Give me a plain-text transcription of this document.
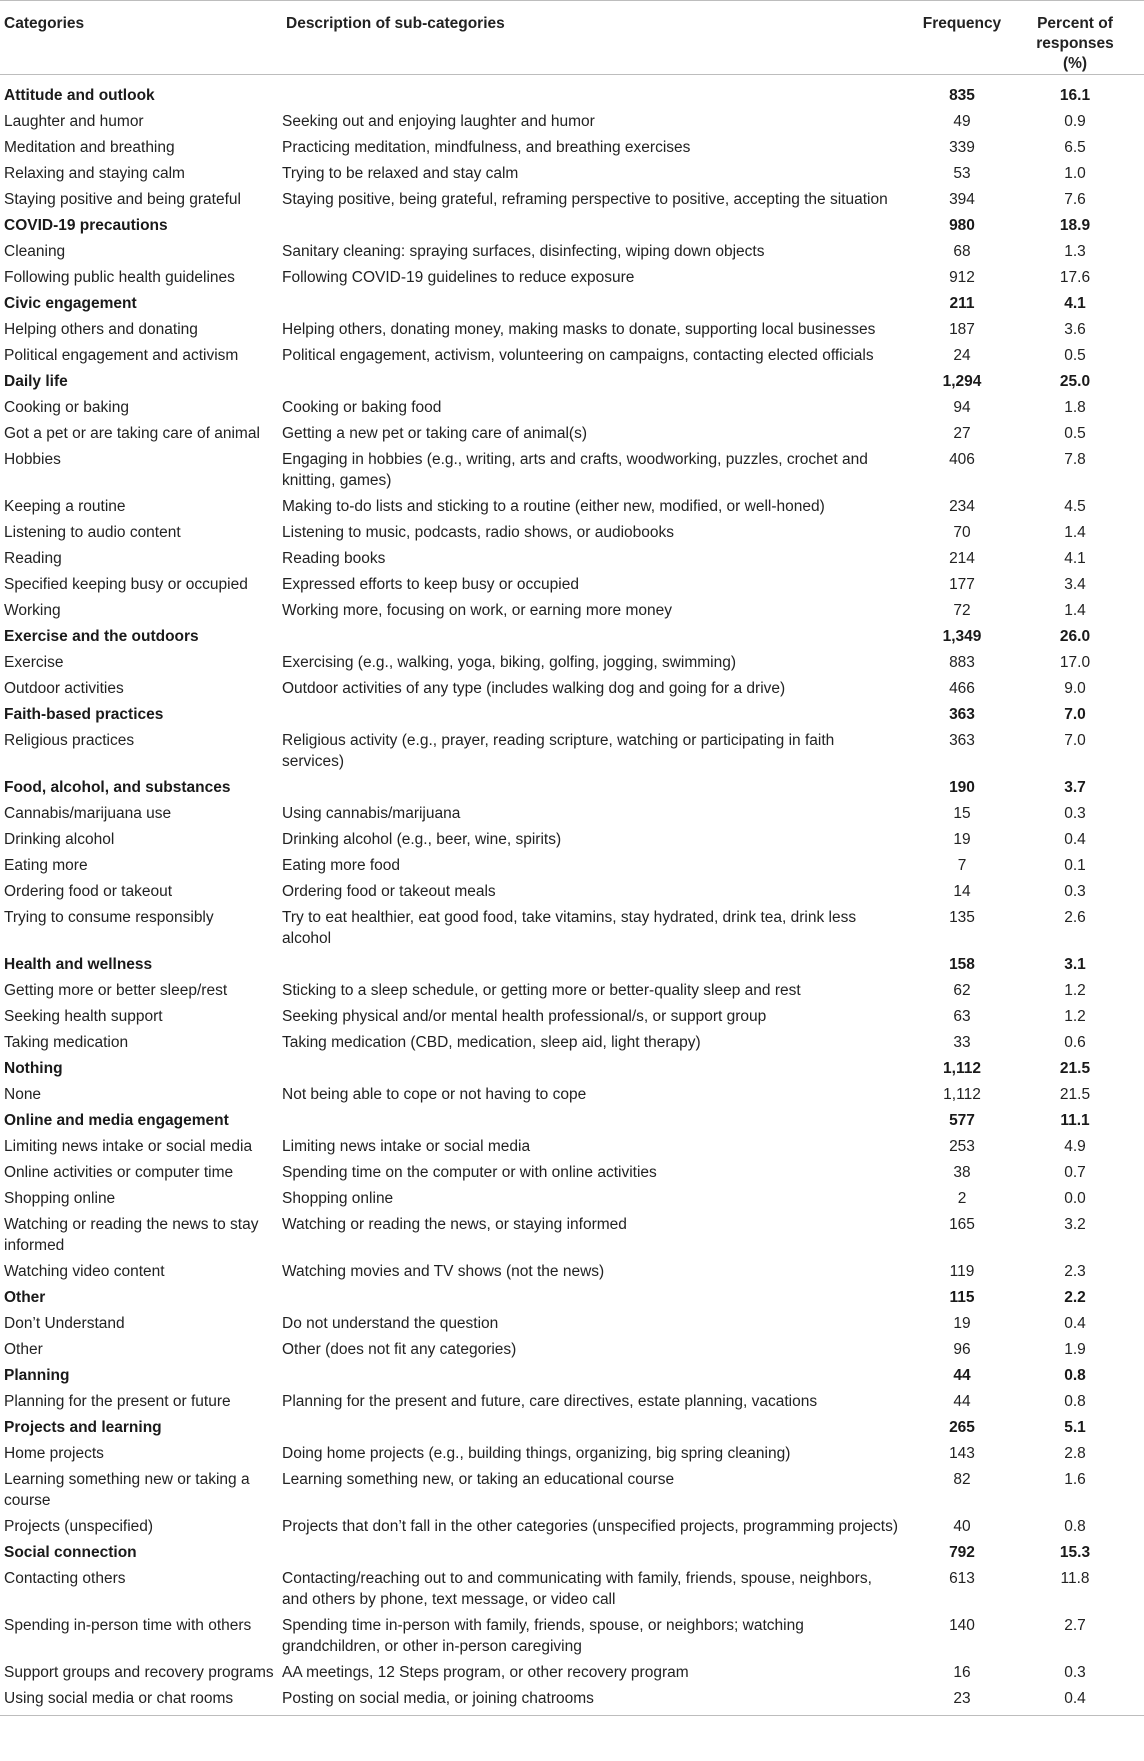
Categories	Description of sub-categories	Frequency	Percent of responses (%)

Attitude and outlook		835	16.1

Laughter and humor	Seeking out and enjoying laughter and humor	49	0.9

Meditation and breathing	Practicing meditation, mindfulness, and breathing exercises	339	6.5

Relaxing and staying calm	Trying to be relaxed and stay calm	53	1.0

Staying positive and being grateful	Staying positive, being grateful, reframing perspective to positive, accepting the situation	394	7.6

COVID-19 precautions		980	18.9

Cleaning	Sanitary cleaning: spraying surfaces, disinfecting, wiping down objects	68	1.3

Following public health guidelines	Following COVID-19 guidelines to reduce exposure	912	17.6

Civic engagement		211	4.1

Helping others and donating	Helping others, donating money, making masks to donate, supporting local businesses	187	3.6

Political engagement and activism	Political engagement, activism, volunteering on campaigns, contacting elected officials	24	0.5

Daily life		1,294	25.0

Cooking or baking	Cooking or baking food	94	1.8

Got a pet or are taking care of animal	Getting a new pet or taking care of animal(s)	27	0.5

Hobbies	Engaging in hobbies (e.g., writing, arts and crafts, woodworking, puzzles, crochet and knitting, games)	406	7.8

Keeping a routine	Making to-do lists and sticking to a routine (either new, modified, or well-honed)	234	4.5

Listening to audio content	Listening to music, podcasts, radio shows, or audiobooks	70	1.4

Reading	Reading books	214	4.1

Specified keeping busy or occupied	Expressed efforts to keep busy or occupied	177	3.4

Working	Working more, focusing on work, or earning more money	72	1.4

Exercise and the outdoors		1,349	26.0

Exercise	Exercising (e.g., walking, yoga, biking, golfing, jogging, swimming)	883	17.0

Outdoor activities	Outdoor activities of any type (includes walking dog and going for a drive)	466	9.0

Faith-based practices		363	7.0

Religious practices	Religious activity (e.g., prayer, reading scripture, watching or participating in faith services)	363	7.0

Food, alcohol, and substances		190	3.7

Cannabis/marijuana use	Using cannabis/marijuana	15	0.3

Drinking alcohol	Drinking alcohol (e.g., beer, wine, spirits)	19	0.4

Eating more	Eating more food	7	0.1

Ordering food or takeout	Ordering food or takeout meals	14	0.3

Trying to consume responsibly	Try to eat healthier, eat good food, take vitamins, stay hydrated, drink tea, drink less alcohol	135	2.6

Health and wellness		158	3.1

Getting more or better sleep/rest	Sticking to a sleep schedule, or getting more or better-quality sleep and rest	62	1.2

Seeking health support	Seeking physical and/or mental health professional/s, or support group	63	1.2

Taking medication	Taking medication (CBD, medication, sleep aid, light therapy)	33	0.6

Nothing		1,112	21.5

None	Not being able to cope or not having to cope	1,112	21.5

Online and media engagement		577	11.1

Limiting news intake or social media	Limiting news intake or social media	253	4.9

Online activities or computer time	Spending time on the computer or with online activities	38	0.7

Shopping online	Shopping online	2	0.0

Watching or reading the news to stay informed	Watching or reading the news, or staying informed	165	3.2

Watching video content	Watching movies and TV shows (not the news)	119	2.3

Other		115	2.2

Don’t Understand	Do not understand the question	19	0.4

Other	Other (does not fit any categories)	96	1.9

Planning		44	0.8

Planning for the present or future	Planning for the present and future, care directives, estate planning, vacations	44	0.8

Projects and learning		265	5.1

Home projects	Doing home projects (e.g., building things, organizing, big spring cleaning)	143	2.8

Learning something new or taking a course	Learning something new, or taking an educational course	82	1.6

Projects (unspecified)	Projects that don’t fall in the other categories (unspecified projects, programming projects)	40	0.8

Social connection		792	15.3

Contacting others	Contacting/reaching out to and communicating with family, friends, spouse, neighbors, and others by phone, text message, or video call	613	11.8

Spending in-person time with others	Spending time in-person with family, friends, spouse, or neighbors; watching grandchildren, or other in-person caregiving	140	2.7

Support groups and recovery programs	AA meetings, 12 Steps program, or other recovery program	16	0.3

Using social media or chat rooms	Posting on social media, or joining chatrooms	23	0.4
